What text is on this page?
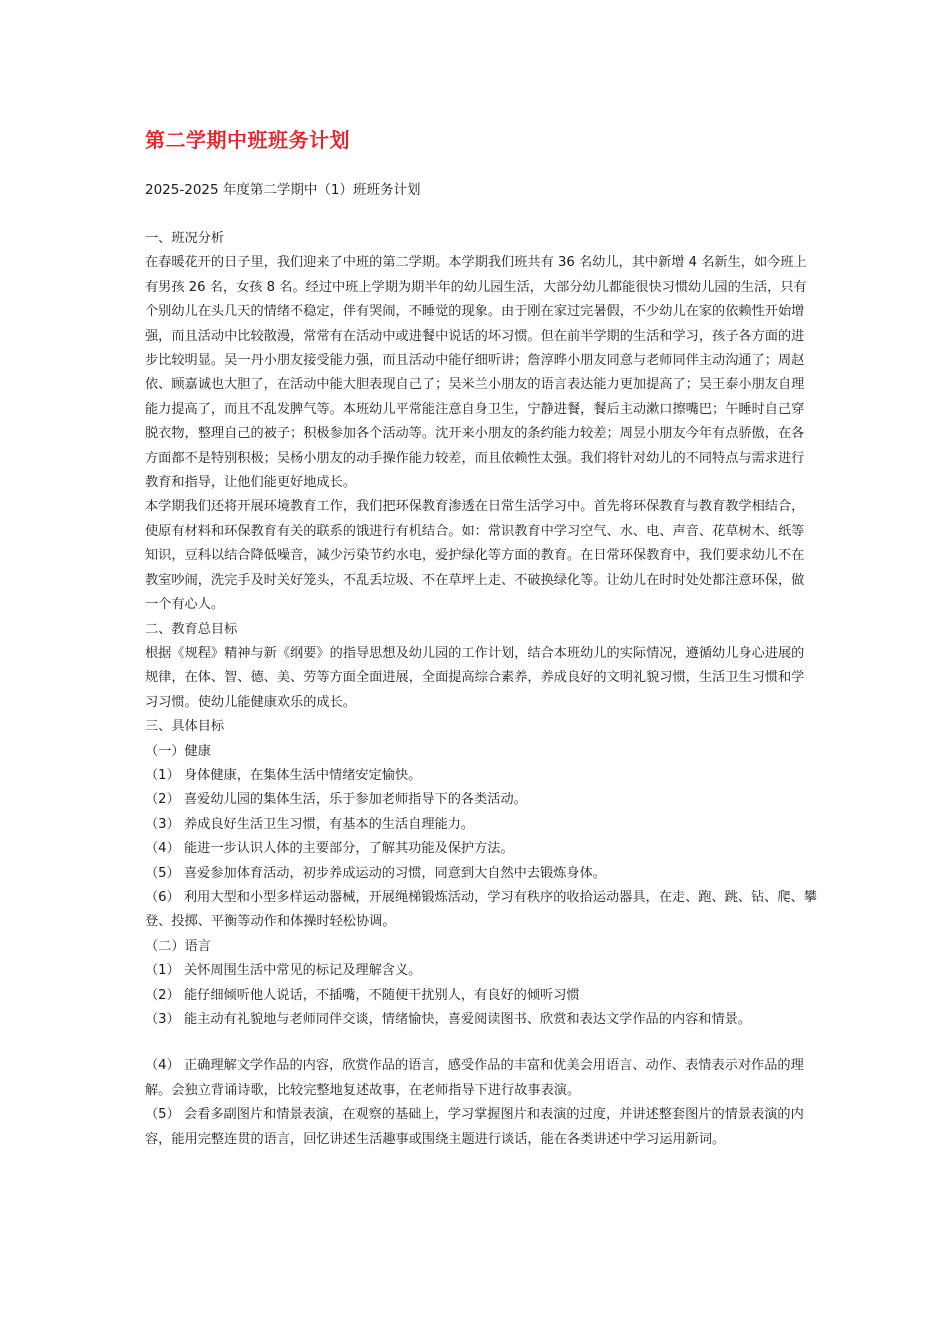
第二学期中班班务计划
2025-2025 年度第二学期中（1）班班务计划

一、班况分析

在春暖花开的日子里，我们迎来了中班的第二学期。本学期我们班共有 36 名幼儿，其中新增 4 名新生，如今班上有男孩 26 名，女孩 8 名。经过中班上学期为期半年的幼儿园生活，大部分幼儿都能很快习惯幼儿园的生活，只有个别幼儿在头几天的情绪不稳定，伴有哭闹，不睡觉的现象。由于刚在家过完暑假，不少幼儿在家的依赖性开始增强，而且活动中比较散漫，常常有在活动中或进餐中说话的坏习惯。但在前半学期的生活和学习，孩子各方面的进步比较明显。吴一丹小朋友接受能力强，而且活动中能仔细听讲；詹淳晔小朋友同意与老师同伴主动沟通了；周赵依、顾嘉诚也大胆了，在活动中能大胆表现自己了；吴米兰小朋友的语言表达能力更加提高了；吴王泰小朋友自理能力提高了，而且不乱发脾气等。本班幼儿平常能注意自身卫生，宁静进餐，餐后主动漱口擦嘴巴；午睡时自己穿脱衣物，整理自己的被子；积极参加各个活动等。沈开来小朋友的条约能力较差；周昱小朋友今年有点骄傲，在各方面都不是特别积极；吴杨小朋友的动手操作能力较差，而且依赖性太强。我们将针对幼儿的不同特点与需求进行教育和指导，让他们能更好地成长。

本学期我们还将开展环境教育工作，我们把环保教育渗透在日常生活学习中。首先将环保教育与教育教学相结合，使原有材料和环保教育有关的联系的饿进行有机结合。如：常识教育中学习空气、水、电、声音、花草树木、纸等知识，豆科以结合降低噪音，减少污染节约水电，爱护绿化等方面的教育。在日常环保教育中，我们要求幼儿不在教室吵闹，洗完手及时关好笼头，不乱丢垃圾、不在草坪上走、不破换绿化等。让幼儿在时时处处都注意环保，做一个有心人。

二、教育总目标

根据《规程》精神与新《纲要》的指导思想及幼儿园的工作计划，结合本班幼儿的实际情况，遵循幼儿身心进展的规律，在体、智、德、美、劳等方面全面进展，全面提高综合素养，养成良好的文明礼貌习惯，生活卫生习惯和学习习惯。使幼儿能健康欢乐的成长。

三、具体目标

（一）健康

（1） 身体健康，在集体生活中情绪安定愉快。

（2） 喜爱幼儿园的集体生活，乐于参加老师指导下的各类活动。

（3） 养成良好生活卫生习惯，有基本的生活自理能力。

（4） 能进一步认识人体的主要部分，了解其功能及保护方法。

（5） 喜爱参加体育活动，初步养成运动的习惯，同意到大自然中去锻炼身体。

（6） 利用大型和小型多样运动器械，开展绳梯锻炼活动，学习有秩序的收拾运动器具，在走、跑、跳、钻、爬、攀登、投掷、平衡等动作和体操时轻松协调。

（二）语言

（1） 关怀周围生活中常见的标记及理解含义。

（2） 能仔细倾听他人说话，不插嘴，不随便干扰别人，有良好的倾听习惯

（3） 能主动有礼貌地与老师同伴交谈，情绪愉快，喜爱阅读图书、欣赏和表达文学作品的内容和情景。

（4） 正确理解文学作品的内容，欣赏作品的语言，感受作品的丰富和优美会用语言、动作、表情表示对作品的理解。会独立背诵诗歌，比较完整地复述故事，在老师指导下进行故事表演。

（5） 会看多副图片和情景表演，在观察的基础上，学习掌握图片和表演的过度，并讲述整套图片的情景表演的内容，能用完整连贯的语言，回忆讲述生活趣事或围绕主题进行谈话，能在各类讲述中学习运用新词。
